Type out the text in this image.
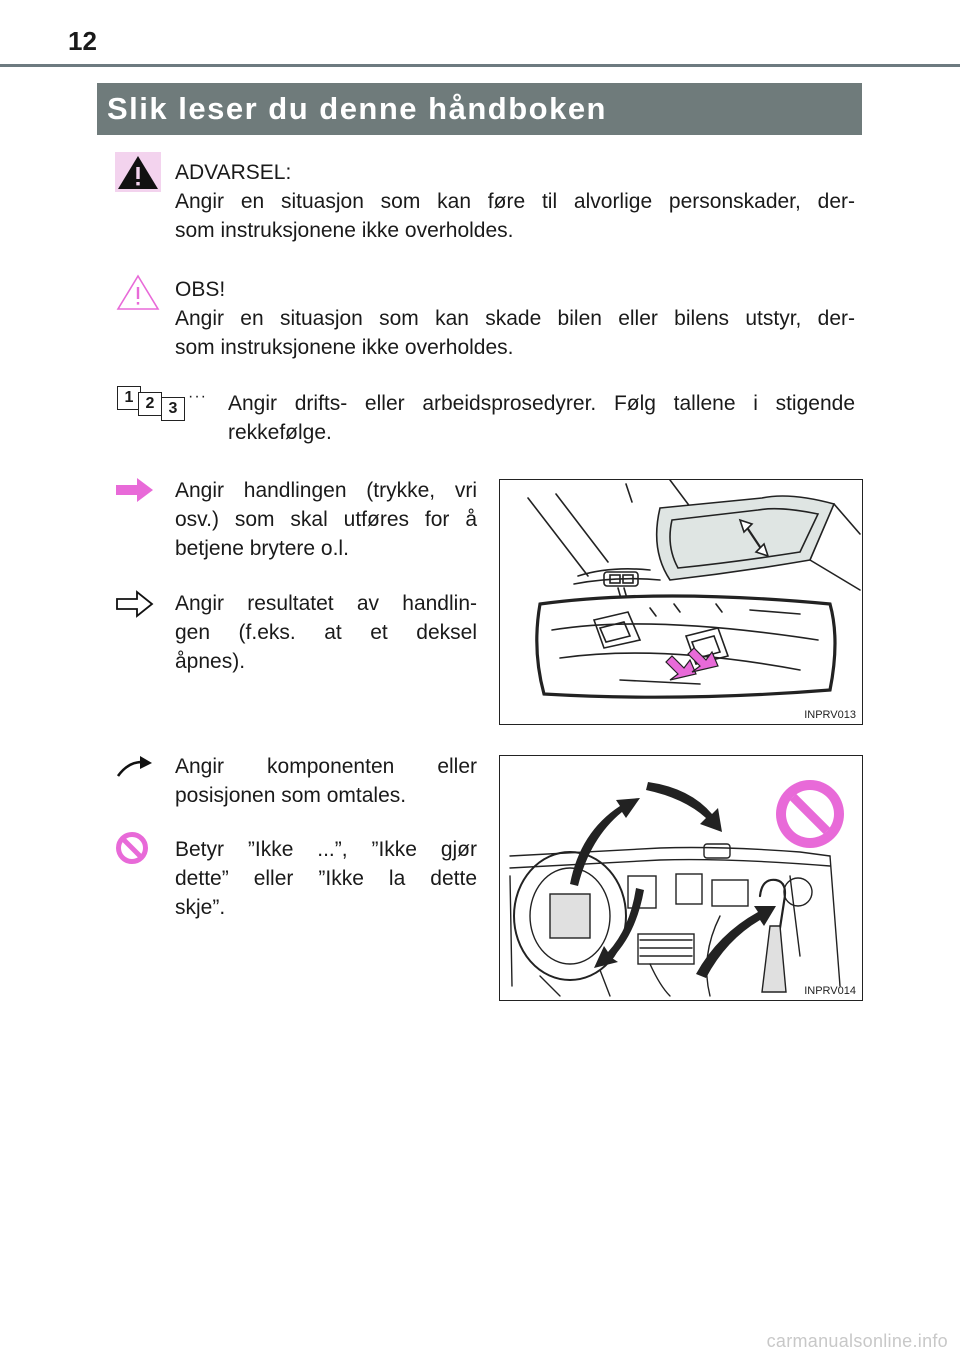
12
Slik leser du denne håndboken

ADVARSEL:

Angir en situasjon som kan føre til alvorlige personskader, der-

som instruksjonene ikke overholdes.

OBS!

Angir en situasjon som kan skade bilen eller bilens utstyr, der-

som instruksjonene ikke overholdes.

1 2 3
··· Angir drifts- eller arbeidsprosedyrer. Følg tallene i stigende

rekkefølge.

Angir handlingen (trykke, vri

osv.) som skal utføres for å

betjene brytere o.l.

Angir resultatet av handlin-

gen (f.eks. at et deksel

åpnes).

INPRV013

Angir komponenten eller

posisjonen som omtales.

Betyr ”Ikke ...”, ”Ikke gjør

dette” eller ”Ikke la dette

skje”.

INPRV014
carmanualsonline.info
